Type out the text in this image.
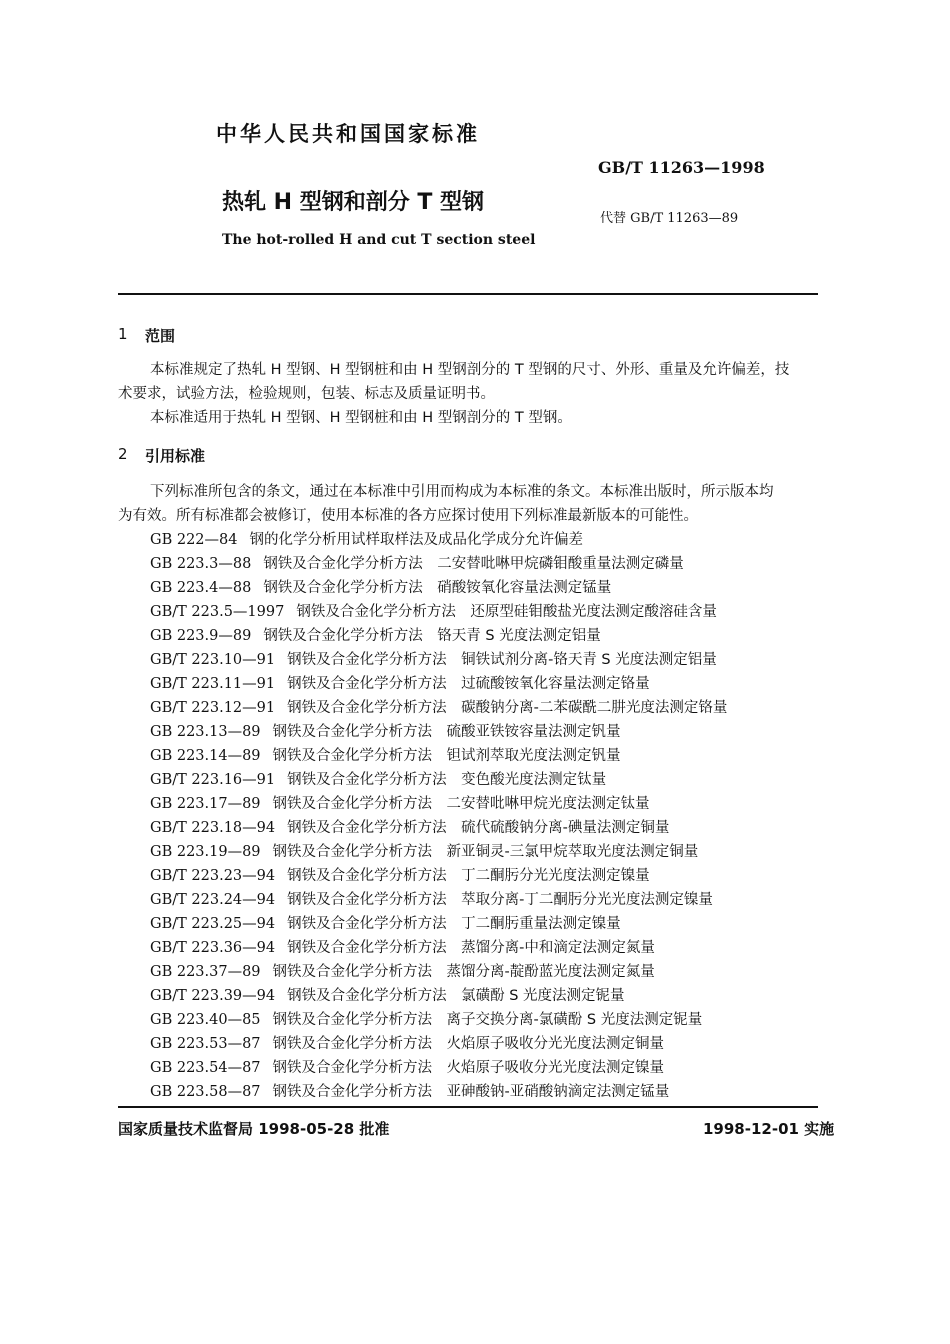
中华人民共和国国家标准
GB/T 11263—1998
热轧 H 型钢和剖分 T 型钢
代替 GB/T 11263—89
The hot-rolled H and cut T section steel
1 范围
本标准规定了热轧 H 型钢、H 型钢桩和由 H 型钢剖分的 T 型钢的尺寸、外形、重量及允许偏差，技
术要求，试验方法，检验规则，包装、标志及质量证明书。
本标准适用于热轧 H 型钢、H 型钢桩和由 H 型钢剖分的 T 型钢。
2 引用标准
下列标准所包含的条文，通过在本标准中引用而构成为本标准的条文。本标准出版时，所示版本均
为有效。所有标准都会被修订，使用本标准的各方应探讨使用下列标准最新版本的可能性。
GB 222—84 钢的化学分析用试样取样法及成品化学成分允许偏差
GB 223.3—88 钢铁及合金化学分析方法　二安替吡啉甲烷磷钼酸重量法测定磷量
GB 223.4—88 钢铁及合金化学分析方法　硝酸铵氧化容量法测定锰量
GB/T 223.5—1997 钢铁及合金化学分析方法　还原型硅钼酸盐光度法测定酸溶硅含量
GB 223.9—89 钢铁及合金化学分析方法　铬天青 S 光度法测定铝量
GB/T 223.10—91 钢铁及合金化学分析方法　铜铁试剂分离-铬天青 S 光度法测定铝量
GB/T 223.11—91 钢铁及合金化学分析方法　过硫酸铵氧化容量法测定铬量
GB/T 223.12—91 钢铁及合金化学分析方法　碳酸钠分离-二苯碳酰二肼光度法测定铬量
GB 223.13—89 钢铁及合金化学分析方法　硫酸亚铁铵容量法测定钒量
GB 223.14—89 钢铁及合金化学分析方法　钽试剂萃取光度法测定钒量
GB/T 223.16—91 钢铁及合金化学分析方法　变色酸光度法测定钛量
GB 223.17—89 钢铁及合金化学分析方法　二安替吡啉甲烷光度法测定钛量
GB/T 223.18—94 钢铁及合金化学分析方法　硫代硫酸钠分离-碘量法测定铜量
GB 223.19—89 钢铁及合金化学分析方法　新亚铜灵-三氯甲烷萃取光度法测定铜量
GB/T 223.23—94 钢铁及合金化学分析方法　丁二酮肟分光光度法测定镍量
GB/T 223.24—94 钢铁及合金化学分析方法　萃取分离-丁二酮肟分光光度法测定镍量
GB/T 223.25—94 钢铁及合金化学分析方法　丁二酮肟重量法测定镍量
GB/T 223.36—94 钢铁及合金化学分析方法　蒸馏分离-中和滴定法测定氮量
GB 223.37—89 钢铁及合金化学分析方法　蒸馏分离-靛酚蓝光度法测定氮量
GB/T 223.39—94 钢铁及合金化学分析方法　氯磺酚 S 光度法测定铌量
GB 223.40—85 钢铁及合金化学分析方法　离子交换分离-氯磺酚 S 光度法测定铌量
GB 223.53—87 钢铁及合金化学分析方法　火焰原子吸收分光光度法测定铜量
GB 223.54—87 钢铁及合金化学分析方法　火焰原子吸收分光光度法测定镍量
GB 223.58—87 钢铁及合金化学分析方法　亚砷酸钠-亚硝酸钠滴定法测定锰量
国家质量技术监督局 1998-05-28 批准	1998-12-01 实施
